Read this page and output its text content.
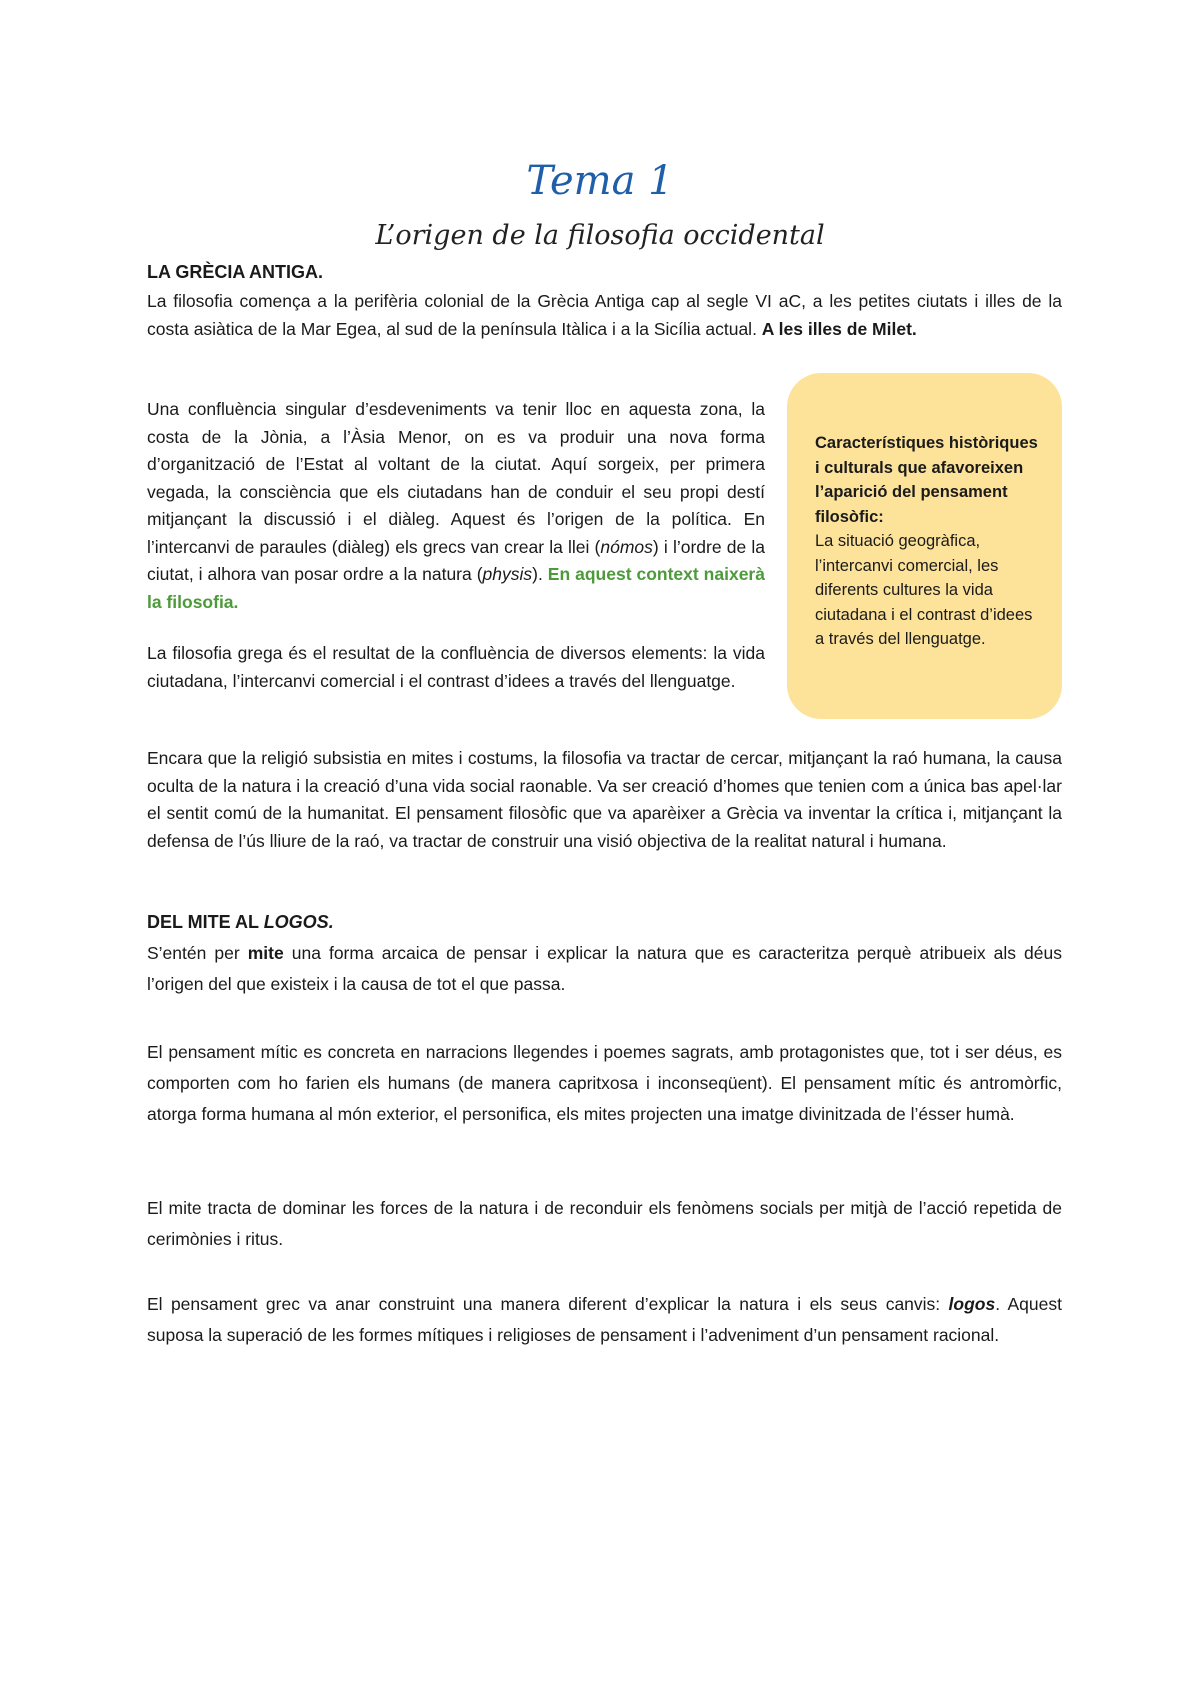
Tema 1
L’origen de la filosofia occidental
LA GRÈCIA ANTIGA.

La filosofia comença a la perifèria colonial de la Grècia Antiga cap al segle VI aC, a les petites ciutats i illes de la costa asiàtica de la Mar Egea, al sud de la península Itàlica i a la Sicília actual. A les illes de Milet.

Una confluència singular d’esdeveniments va tenir lloc en aquesta zona, la costa de la Jònia, a l’Àsia Menor, on es va produir una nova forma d’organització de l’Estat al voltant de la ciutat. Aquí sorgeix, per primera vegada, la consciència que els ciutadans han de conduir el seu propi destí mitjançant la discussió i el diàleg. Aquest és l’origen de la política. En l’intercanvi de paraules (diàleg) els grecs van crear la llei (nómos) i l’ordre de la ciutat, i alhora van posar ordre a la natura (physis). En aquest context naixerà la filosofia.

La filosofia grega és el resultat de la confluència de diversos elements: la vida ciutadana, l’intercanvi comercial i el contrast d’idees a través del llenguatge.

Característiques històriques i culturals que afavoreixen l’aparició del pensament filosòfic:
La situació geogràfica, l’intercanvi comercial, les diferents cultures la vida ciutadana i el contrast d’idees a través del llenguatge.

Encara que la religió subsistia en mites i costums, la filosofia va tractar de cercar, mitjançant la raó humana, la causa oculta de la natura i la creació d’una vida social raonable. Va ser creació d’homes que tenien com a única bas apel·lar el sentit comú de la humanitat. El pensament filosòfic que va aparèixer a Grècia va inventar la crítica i, mitjançant la defensa de l’ús lliure de la raó, va tractar de construir una visió objectiva de la realitat natural i humana.

DEL MITE AL LOGOS.

S’entén per mite una forma arcaica de pensar i explicar la natura que es caracteritza perquè atribueix als déus l’origen del que existeix i la causa de tot el que passa.

El pensament mític es concreta en narracions llegendes i poemes sagrats, amb protagonistes que, tot i ser déus, es comporten com ho farien els humans (de manera capritxosa i inconseqüent). El pensament mític és antromòrfic, atorga forma humana al món exterior, el personifica, els mites projecten una imatge divinitzada de l’ésser humà.

El mite tracta de dominar les forces de la natura i de reconduir els fenòmens socials per mitjà de l’acció repetida de cerimònies i ritus.

El pensament grec va anar construint una manera diferent d’explicar la natura i els seus canvis: logos. Aquest suposa la superació de les formes mítiques i religioses de pensament i l’adveniment d’un pensament racional.
